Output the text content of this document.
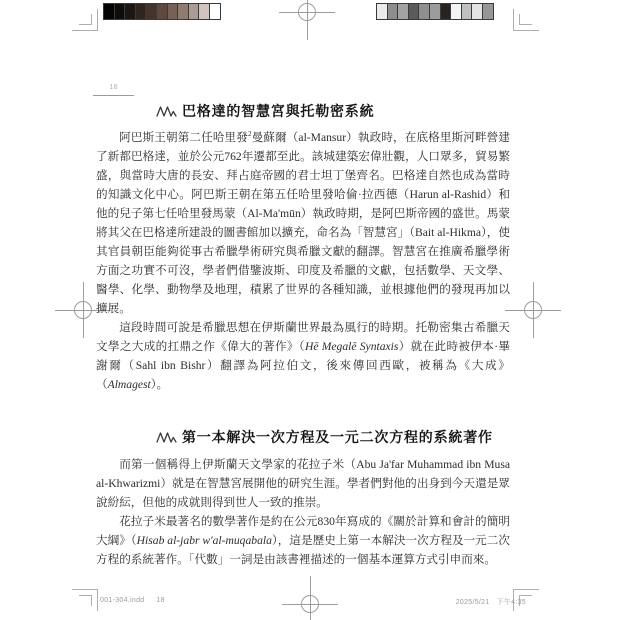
18
巴格達的智慧宮與托勒密系統

阿巴斯王朝第二任哈里發$^2$曼蘇爾（al-Mansur）執政時，在底格里斯河畔營建了新都巴格達，並於公元762年遷都至此。該城建築宏偉壯觀，人口眾多，貿易繁盛，與當時大唐的長安、拜占庭帝國的君士坦丁堡齊名。巴格達自然也成為當時的知識文化中心。阿巴斯王朝在第五任哈里發哈倫·拉西德（Harun al-Rashid）和他的兒子第七任哈里發馬蒙（Al-Ma'mūn）執政時期，是阿巴斯帝國的盛世。馬蒙將其父在巴格達所建設的圖書館加以擴充，命名為「智慧宮」（Bait al-Hikma），使其官員朝臣能夠從事古希臘學術研究與希臘文獻的翻譯。智慧宮在推廣希臘學術方面之功實不可沒，學者們借鑒波斯、印度及希臘的文獻，包括數學、天文學、醫學、化學、動物學及地理，積累了世界的各種知識，並根據他們的發現再加以擴展。

這段時間可說是希臘思想在伊斯蘭世界最為風行的時期。托勒密集古希臘天文學之大成的扛鼎之作《偉大的著作》（Hē Megalē Syntaxis）就在此時被伊本·畢謝爾（Sahl ibn Bishr）翻譯為阿拉伯文，後來傳回西歐，被稱為《大成》（Almagest）。

第一本解決一次方程及一元二次方程的系統著作

而第一個稱得上伊斯蘭天文學家的花拉子米（Abu Ja'far Muhammad ibn Musa al-Khwarizmi）就是在智慧宮展開他的研究生涯。學者們對他的出身到今天還是眾說紛紜，但他的成就則得到世人一致的推崇。

花拉子米最著名的數學著作是約在公元830年寫成的《關於計算和會計的簡明大綱》（Hisab al-jabr w'al-muqabala），這是歷史上第一本解決一次方程及一元二次方程的系統著作。「代數」一詞是由該書裡描述的一個基本運算方式引申而來。

001-304.indd 18	2025/5/21 下午4:35
